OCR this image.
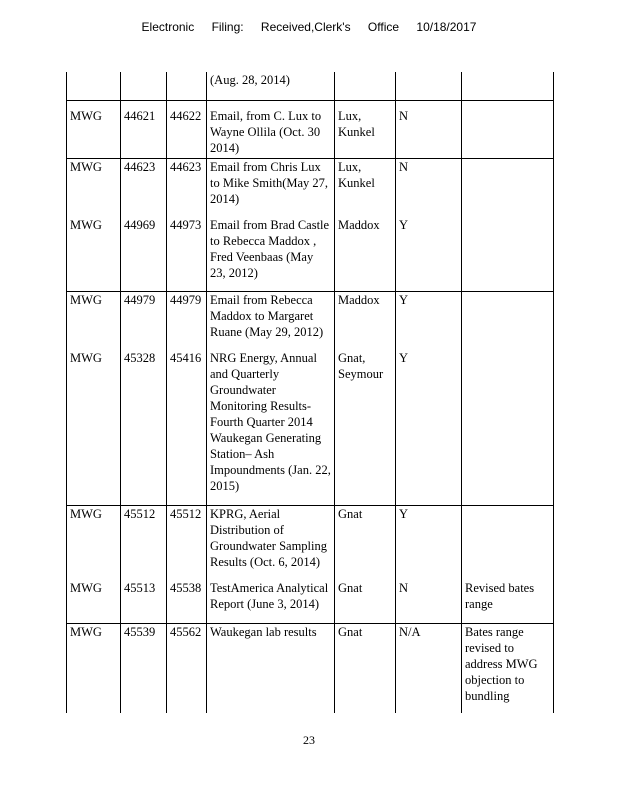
Electronic Filing: Received,Clerk's Office 10/18/2017
			(Aug. 28, 2014)			
MWG	44621	44622	Email, from C. Lux to Wayne Ollila (Oct. 30 2014)	Lux, Kunkel	N	
MWG	44623	44623	Email from Chris Lux to Mike Smith(May 27, 2014)	Lux, Kunkel	N	
MWG	44969	44973	Email from Brad Castle to Rebecca Maddox , Fred Veenbaas (May 23, 2012)	Maddox	Y	
MWG	44979	44979	Email from Rebecca Maddox to Margaret Ruane (May 29, 2012)	Maddox	Y	
MWG	45328	45416	NRG Energy, Annual and Quarterly Groundwater Monitoring Results- Fourth Quarter 2014 Waukegan Generating Station– Ash Impoundments (Jan. 22, 2015)	Gnat, Seymour	Y	
MWG	45512	45512	KPRG, Aerial Distribution of Groundwater Sampling Results (Oct. 6, 2014)	Gnat	Y	
MWG	45513	45538	TestAmerica Analytical Report (June 3, 2014)	Gnat	N	Revised bates range
MWG	45539	45562	Waukegan lab results	Gnat	N/A	Bates range revised to address MWG objection to bundling
23
